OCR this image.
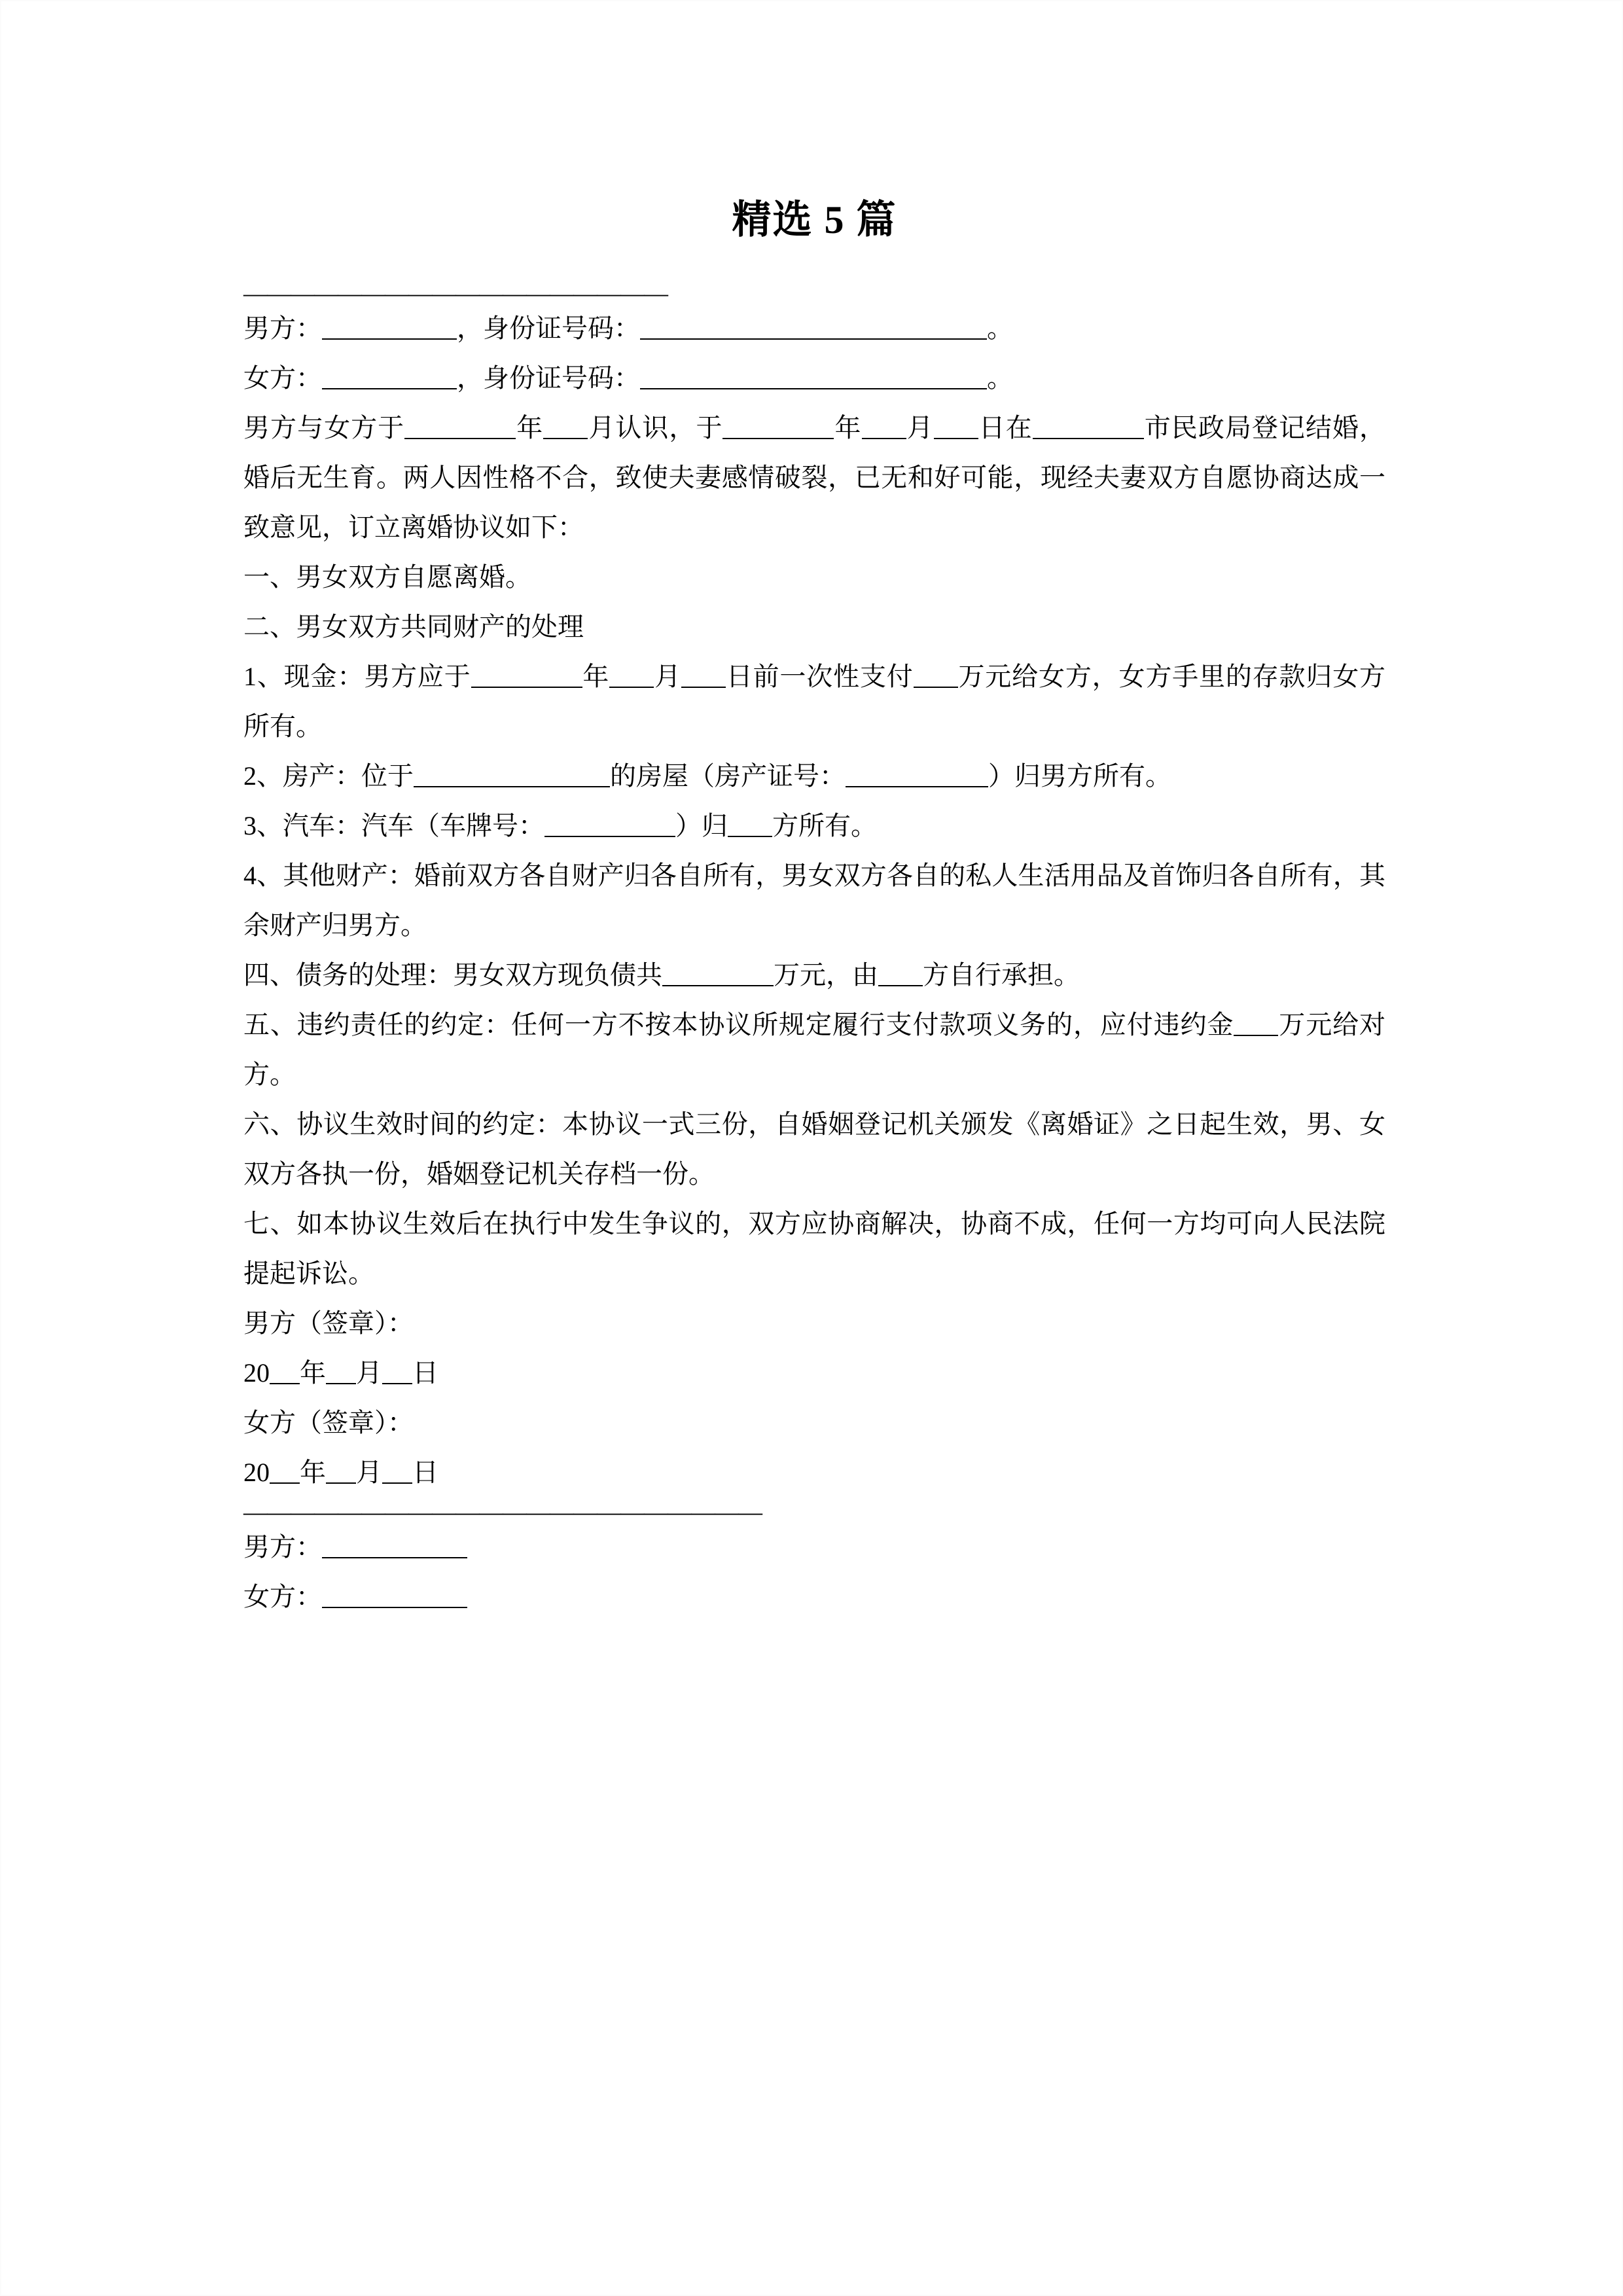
精选 5 篇
——————————————————

男方：	，身份证号码：	。

女方：	，身份证号码：	。

男方与女方于	年 月认识，于	年 月 日在	市民政局登记结婚，婚后无生育。两人因性格不合，致使夫妻感情破裂，已无和好可能，现经夫妻双方自愿协商达成一致意见，订立离婚协议如下：

一、男女双方自愿离婚。

二、男女双方共同财产的处理

1、现金：男方应于	年 月 日前一次性支付 万元给女方，女方手里的存款归女方所有。

2、房产：位于	的房屋（房产证号：	）归男方所有。

3、汽车：汽车（车牌号：	）归 方所有。

4、其他财产：婚前双方各自财产归各自所有，男女双方各自的私人生活用品及首饰归各自所有，其余财产归男方。

四、债务的处理：男女双方现负债共	万元，由 方自行承担。

五、违约责任的约定：任何一方不按本协议所规定履行支付款项义务的，应付违约金 万元给对方。

六、协议生效时间的约定：本协议一式三份，自婚姻登记机关颁发《离婚证》之日起生效，男、女双方各执一份，婚姻登记机关存档一份。

七、如本协议生效后在执行中发生争议的，双方应协商解决，协商不成，任何一方均可向人民法院提起诉讼。

男方（签章）：

20 年 月 日

女方（签章）：

20 年 月 日

——————————————————————

男方：

女方：
